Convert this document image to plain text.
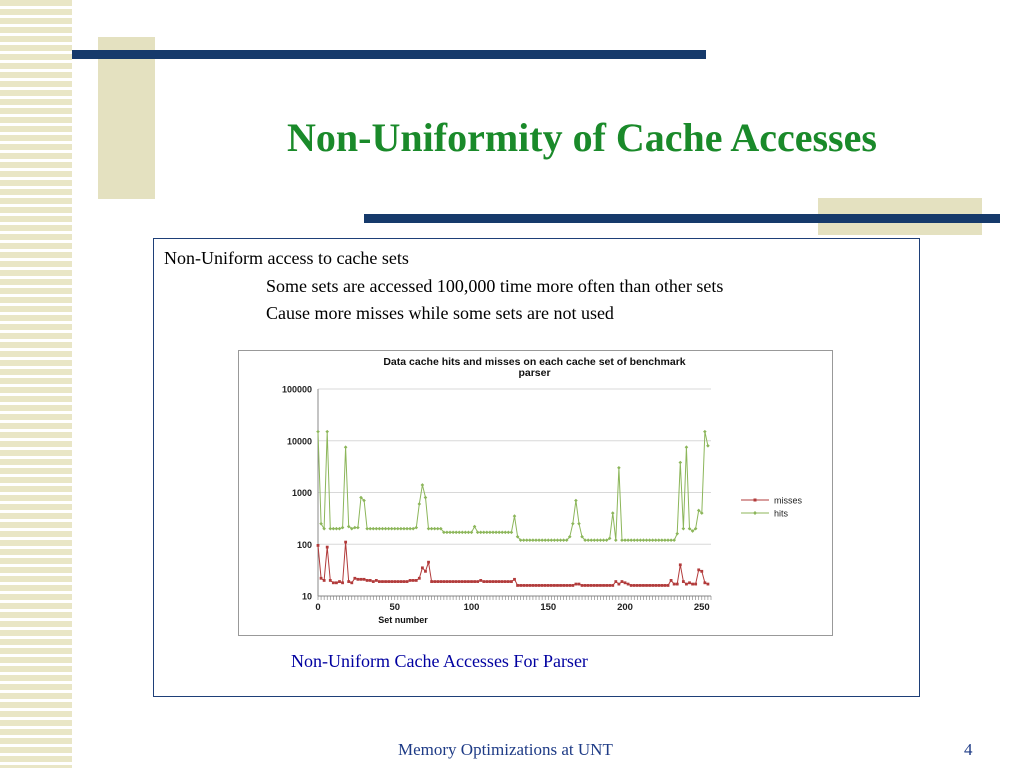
Non-Uniformity of Cache Accesses
Non-Uniform access to cache sets
Some sets are accessed 100,000 time more often than other sets
Cause more misses while some sets are not used
Data cache hits and misses on each cache set of benchmark parser
100000
10000
1000
100
10
0	50	100	150	200	250
misses
hits
Set number
Non-Uniform Cache Accesses For Parser
Memory Optimizations at UNT	4
